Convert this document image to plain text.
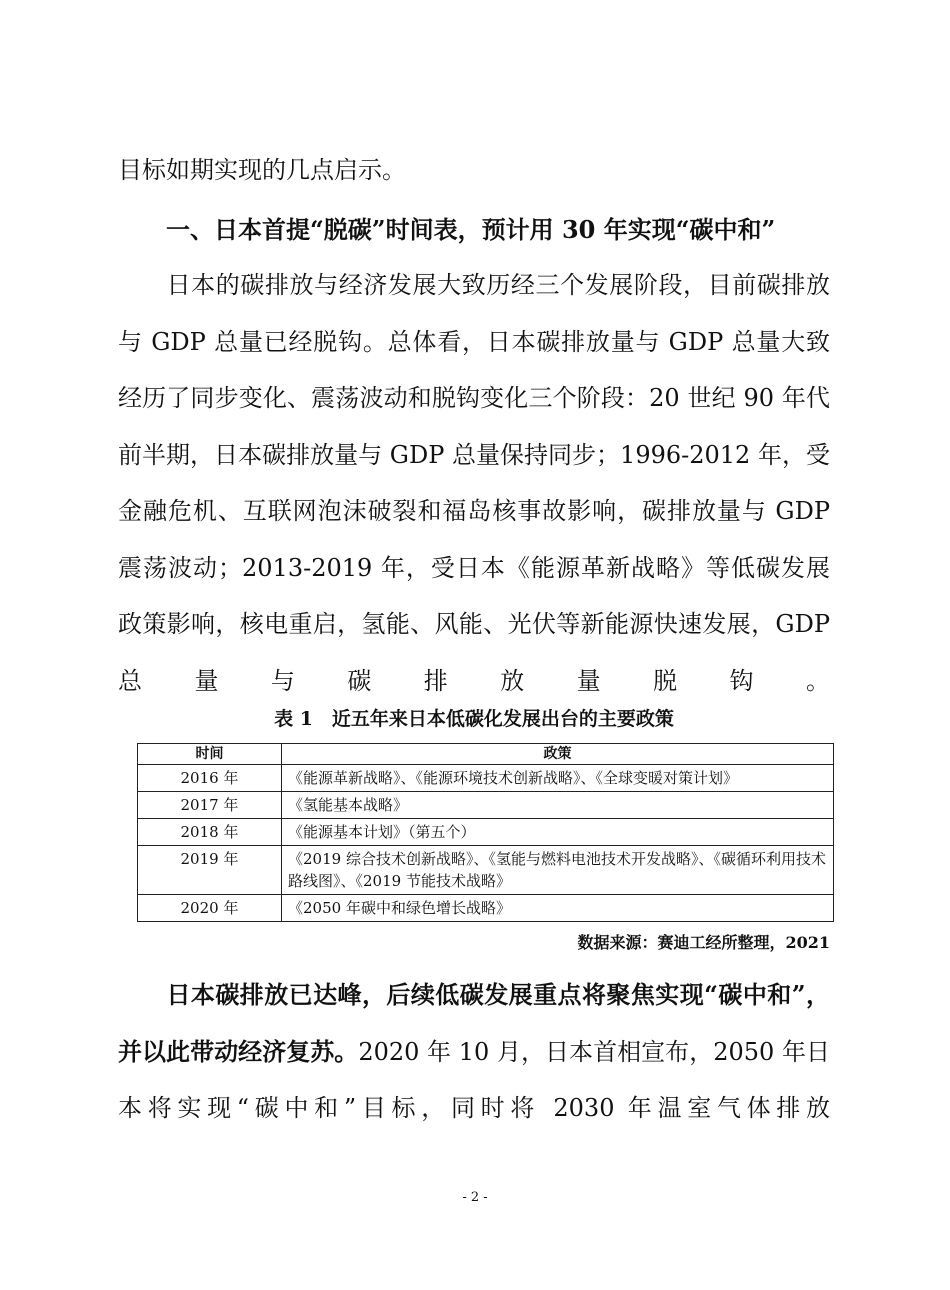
目标如期实现的几点启示。

一、日本首提“脱碳”时间表，预计用 30 年实现“碳中和”

日本的碳排放与经济发展大致历经三个发展阶段，目前碳排放与 GDP 总量已经脱钩。总体看，日本碳排放量与 GDP 总量大致经历了同步变化、震荡波动和脱钩变化三个阶段：20 世纪 90 年代前半期，日本碳排放量与 GDP 总量保持同步；1996-2012 年，受金融危机、互联网泡沫破裂和福岛核事故影响，碳排放量与 GDP 震荡波动；2013-2019 年，受日本《能源革新战略》等低碳发展政策影响，核电重启，氢能、风能、光伏等新能源快速发展，GDP 总量与碳排放量脱钩。

表 1　近五年来日本低碳化发展出台的主要政策

时间	政策
2016 年	《能源革新战略》、《能源环境技术创新战略》、《全球变暖对策计划》
2017 年	《氢能基本战略》
2018 年	《能源基本计划》（第五个）
2019 年	《2019 综合技术创新战略》、《氢能与燃料电池技术开发战略》、《碳循环利用技术路线图》、《2019 节能技术战略》
2020 年	《2050 年碳中和绿色增长战略》

数据来源：赛迪工经所整理，2021

日本碳排放已达峰，后续低碳发展重点将聚焦实现“碳中和”，并以此带动经济复苏。2020 年 10 月，日本首相宣布，2050 年日本将实现“碳中和”目标，同时将 2030 年温室气体排放

- 2 -
